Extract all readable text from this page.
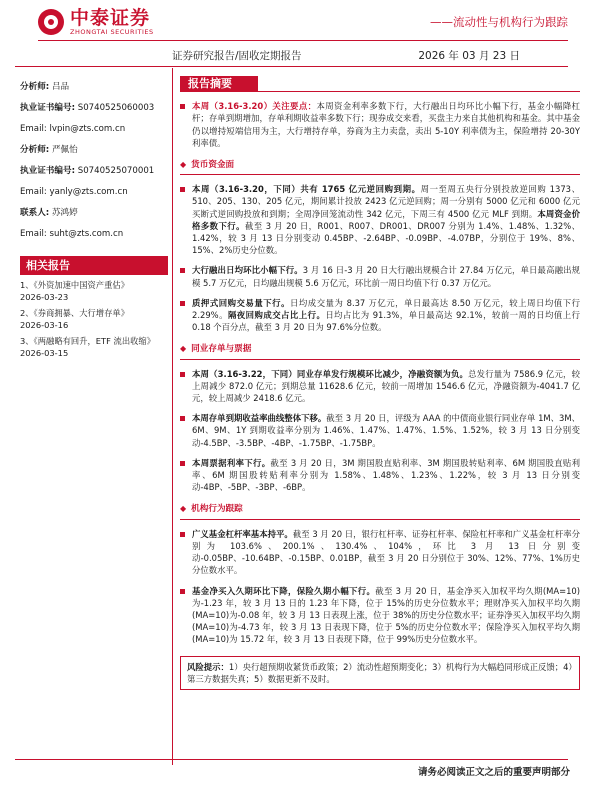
中泰证券
ZHONGTAI SECURITIES
——流动性与机构行为跟踪
证券研究报告/固收定期报告	2026 年 03 月 23 日
分析师: 吕品
执业证书编号: S0740525060003
Email: lvpin@zts.com.cn
分析师: 严佩怡
执业证书编号: S0740525070001
Email: yanly@zts.com.cn
联系人: 苏鸿婷
Email: suht@zts.com.cn
相关报告
1、《外资加速中国资产重估》
2026-03-23
2、《券商拥暴、大行增存单》
2026-03-16
3、《两融略有回升，ETF 流出收缩》
2026-03-15
报告摘要
本周（3.16-3.20）关注要点：本周资金利率多数下行，大行融出日均环比小幅下行，基金小幅降杠杆；存单到期增加，存单利期收益率多数下行；现券成交来看，买盘主力来自其他机构和基金。其中基金仍以增持短端信用为主，大行增持存单，券商为主力卖盘，卖出 5-10Y 利率债为主，保险增持 20-30Y 利率债。
◆ 货币资金面
本周（3.16-3.20，下同）共有 1765 亿元逆回购到期。周一至周五央行分别投放逆回购 1373、510、205、130、205 亿元，期间累计投放 2423 亿元逆回购；周一分别有 5000 亿元和 6000 亿元买断式逆回购投放和到期；全周净回笼流动性 342 亿元，下周三有 4500 亿元 MLF 到期。本周资金价格多数下行。截至 3 月 20 日，R001、R007、DR001、DR007 分别为 1.4%、1.48%、1.32%、1.42%，较 3 月 13 日分别变动 0.45BP、-2.64BP、-0.09BP、-4.07BP，分别位于 19%、8%、15%、2%历史分位数。
大行融出日均环比小幅下行。3 月 16 日-3 月 20 日大行融出规模合计 27.84 万亿元，单日最高融出规模 5.7 万亿元，日均融出规模 5.6 万亿元，环比前一周日均值下行 0.37 万亿元。
质押式回购交易量下行。日均成交量为 8.37 万亿元，单日最高达 8.50 万亿元，较上周日均值下行 2.29%。隔夜回购成交占比上行。日均占比为 91.3%，单日最高达 92.1%，较前一周的日均值上行 0.18 个百分点，截至 3 月 20 日为 97.6%分位数。
◆ 同业存单与票据
本周（3.16-3.22，下同）同业存单发行规模环比减少，净融资额为负。总发行量为 7586.9 亿元，较上周减少 872.0 亿元；到期总量 11628.6 亿元，较前一周增加 1546.6 亿元，净融资额为-4041.7 亿元，较上周减少 2418.6 亿元。
本周存单到期收益率曲线整体下移。截至 3 月 20 日，评级为 AAA 的中债商业银行同业存单 1M、3M、6M、9M、1Y 到期收益率分别为 1.46%、1.47%、1.47%、1.5%、1.52%，较 3 月 13 日分别变动-4.5BP、-3.5BP、-4BP、-1.75BP、-1.75BP。
本周票据利率下行。截至 3 月 20 日，3M 期国股直贴利率、3M 期国股转贴利率、6M 期国股直贴利率、6M 期国股转贴利率分别为 1.58%、1.48%、1.23%、1.22%，较 3 月 13 日分别变动-4BP、-5BP、-3BP、-6BP。
◆ 机构行为跟踪
广义基金杠杆率基本持平。截至 3 月 20 日，银行杠杆率、证券杠杆率、保险杠杆率和广义基金杠杆率分别为 103.6%、200.1%、130.4%、104%，环比 3 月 13 日分别变动-0.05BP、-10.64BP、-0.15BP、0.01BP，截至 3 月 20 日分别位于 30%、12%、77%、1%历史分位数水平。
基金净买入久期环比下降，保险久期小幅下行。截至 3 月 20 日，基金净买入加权平均久期(MA=10)为-1.23 年，较 3 月 13 日的 1.23 年下降，位于 15%的历史分位数水平；理财净买入加权平均久期(MA=10)为-0.08 年，较 3 月 13 日表现上涨，位于 38%的历史分位数水平；证券净买入加权平均久期(MA=10)为-4.73 年，较 3 月 13 日表现下降，位于 5%的历史分位数水平；保险净买入加权平均久期(MA=10)为 15.72 年，较 3 月 13 日表现下降，位于 99%历史分位数水平。
风险提示：1）央行超预期收紧货币政策；2）流动性超预期变化；3）机构行为大幅趋同形成正反馈；4）第三方数据失真；5）数据更新不及时。
请务必阅读正文之后的重要声明部分
